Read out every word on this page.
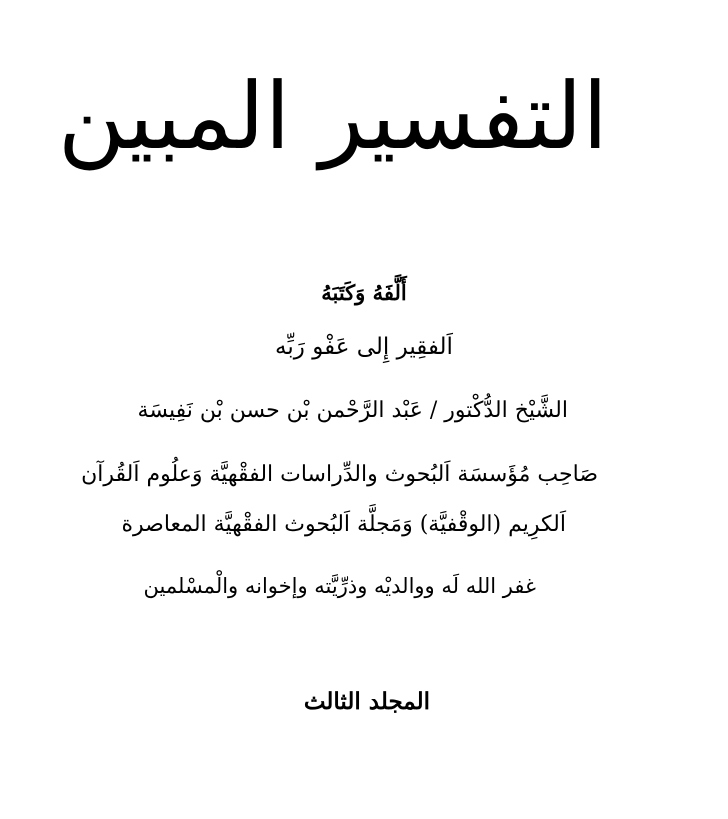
التفسير المبين
أَلَّفَهُ وَكَتَبَهُ
اَلفقِير إِلى عَفْو رَبِّه
الشَّيْخ الدُّكْتور / عَبْد الرَّحْمن بْن حسن بْن نَفِيسَة
صَاحِب مُؤَسسَة اَلبُحوث والدِّراسات الفقْهيَّة وَعلُوم اَلقُرآن
اَلكرِيم (الوقْفيَّة) وَمَجلَّة اَلبُحوث الفقْهيَّة المعاصرة
غفر الله لَه ووالديْه وذرِّيَّته وإخوانه والْمسْلمين
المجلد الثالث
